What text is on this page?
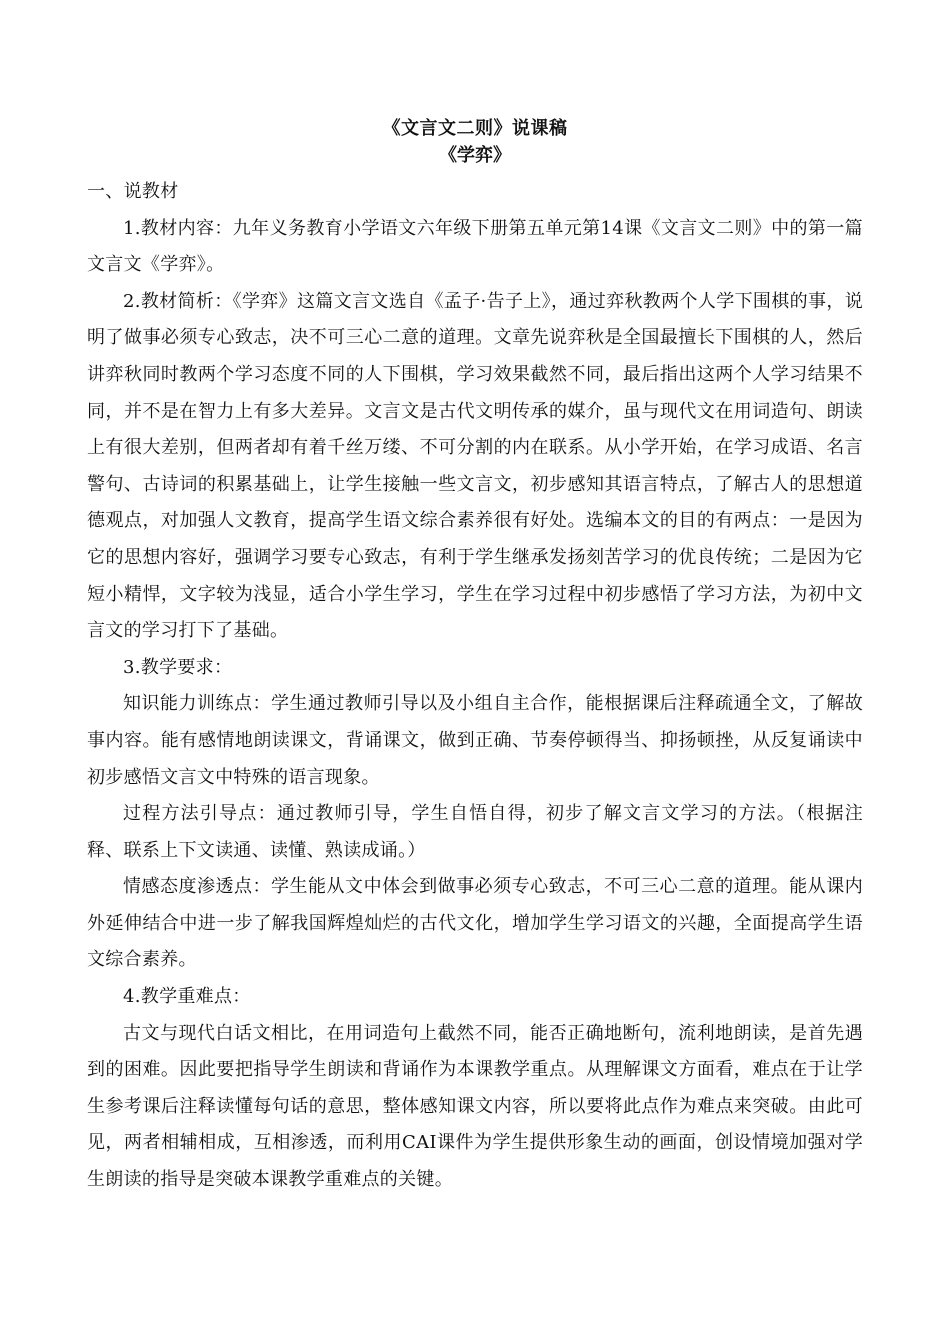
《文言文二则》说课稿

《学弈》

一、说教材

1.教材内容：九年义务教育小学语文六年级下册第五单元第14课《文言文二则》中的第一篇文言文《学弈》。

2.教材简析：《学弈》这篇文言文选自《孟子·告子上》，通过弈秋教两个人学下围棋的事，说明了做事必须专心致志，决不可三心二意的道理。文章先说弈秋是全国最擅长下围棋的人，然后讲弈秋同时教两个学习态度不同的人下围棋，学习效果截然不同，最后指出这两个人学习结果不同，并不是在智力上有多大差异。文言文是古代文明传承的媒介，虽与现代文在用词造句、朗读上有很大差别，但两者却有着千丝万缕、不可分割的内在联系。从小学开始，在学习成语、名言警句、古诗词的积累基础上，让学生接触一些文言文，初步感知其语言特点，了解古人的思想道德观点，对加强人文教育，提高学生语文综合素养很有好处。选编本文的目的有两点：一是因为它的思想内容好，强调学习要专心致志，有利于学生继承发扬刻苦学习的优良传统；二是因为它短小精悍，文字较为浅显，适合小学生学习，学生在学习过程中初步感悟了学习方法，为初中文言文的学习打下了基础。

3.教学要求：

知识能力训练点：学生通过教师引导以及小组自主合作，能根据课后注释疏通全文，了解故事内容。能有感情地朗读课文，背诵课文，做到正确、节奏停顿得当、抑扬顿挫，从反复诵读中初步感悟文言文中特殊的语言现象。

过程方法引导点：通过教师引导，学生自悟自得，初步了解文言文学习的方法。（根据注释、联系上下文读通、读懂、熟读成诵。）

情感态度渗透点：学生能从文中体会到做事必须专心致志，不可三心二意的道理。能从课内外延伸结合中进一步了解我国辉煌灿烂的古代文化，增加学生学习语文的兴趣，全面提高学生语文综合素养。

4.教学重难点：

古文与现代白话文相比，在用词造句上截然不同，能否正确地断句，流利地朗读，是首先遇到的困难。因此要把指导学生朗读和背诵作为本课教学重点。从理解课文方面看，难点在于让学生参考课后注释读懂每句话的意思，整体感知课文内容，所以要将此点作为难点来突破。由此可见，两者相辅相成，互相渗透，而利用CAI课件为学生提供形象生动的画面，创设情境加强对学生朗读的指导是突破本课教学重难点的关键。
